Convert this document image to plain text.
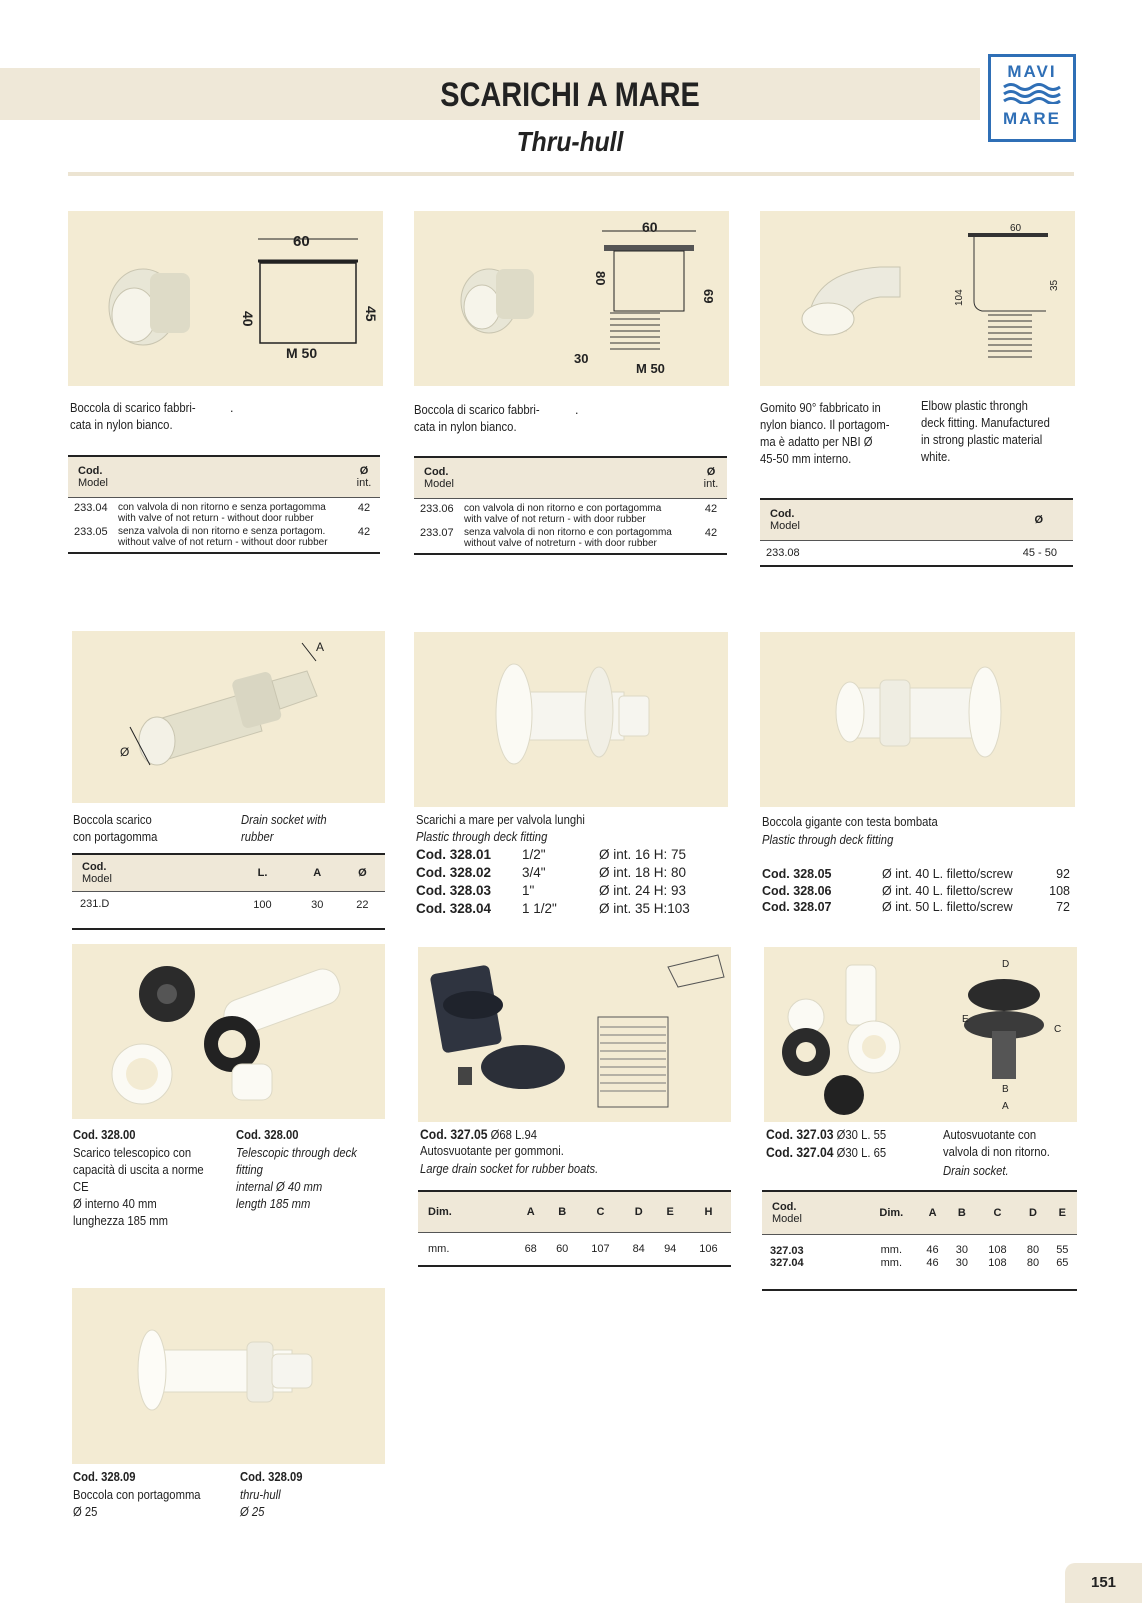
SCARICHI A MARE
Thru-hull
MAVI
MARE
60
40	45
M 50
Boccola di scarico fabbri-
cata in nylon bianco.
.
Cod.
Model		Ø
int.
233.04	con valvola di non ritorno e senza portagomma
with valve of not return - without door rubber	42
233.05	senza valvola di non ritorno e senza portagom.
without valve of not return - without door rubber	42
60
80
69
30
M 50
Boccola di scarico fabbri-
cata in nylon bianco.
.
Cod.
Model		Ø
int.
233.06	con valvola di non ritorno e con portagomma
with valve of not return - with door rubber	42
233.07	senza valvola di non ritorno e con portagomma
without valve of notreturn - with door rubber	42
60
104
35
Gomito 90° fabbricato in
nylon bianco. Il portagom-
ma è adatto per NBI Ø
45-50 mm interno.
Elbow plastic throngh
deck fitting. Manufactured
in strong plastic material
white.
Cod.
Model	Ø
233.08	45 - 50
A
Ø
Boccola scarico
con portagomma
Drain socket with
rubber
Cod.
Model	L.	A	Ø
231.D	100	30	22
Scarichi a mare per valvola lunghi
Plastic through deck fitting
Cod. 328.01 1/2"	Ø int. 16 H: 75
Cod. 328.02 3/4"	Ø int. 18 H: 80
Cod. 328.03 1"	Ø int. 24 H: 93
Cod. 328.04 1 1/2"	Ø int. 35 H:103
Boccola gigante con testa bombata
Plastic through deck fitting
Cod. 328.05	Ø int. 40 L. filetto/screw	92
Cod. 328.06	Ø int. 40 L. filetto/screw	108
Cod. 328.07	Ø int. 50 L. filetto/screw	72
Cod. 328.00	Cod. 328.00
Scarico telescopico con
capacità di uscita a norme
CE
Ø interno 40 mm
lunghezza 185 mm
Telescopic through deck
fitting
internal Ø 40 mm
length 185 mm
Cod. 327.05 Ø68 L.94
Autosvuotante per gommoni.
Large drain socket for rubber boats.
Dim.	A	B	C	D	E	H
mm.	68	60	107	84	94	106
D
E
C
B
A
Cod. 327.03 Ø30 L. 55
Cod. 327.04 Ø30 L. 65
Autosvuotante con
valvola di non ritorno.
Drain socket.
Cod.
Model	Dim.	A	B	C	D	E
327.03	mm.	46	30	108	80	55
327.04	mm.	46	30	108	80	65
Cod. 328.09	Cod. 328.09
Boccola con portagomma
Ø 25
thru-hull
Ø 25
151
